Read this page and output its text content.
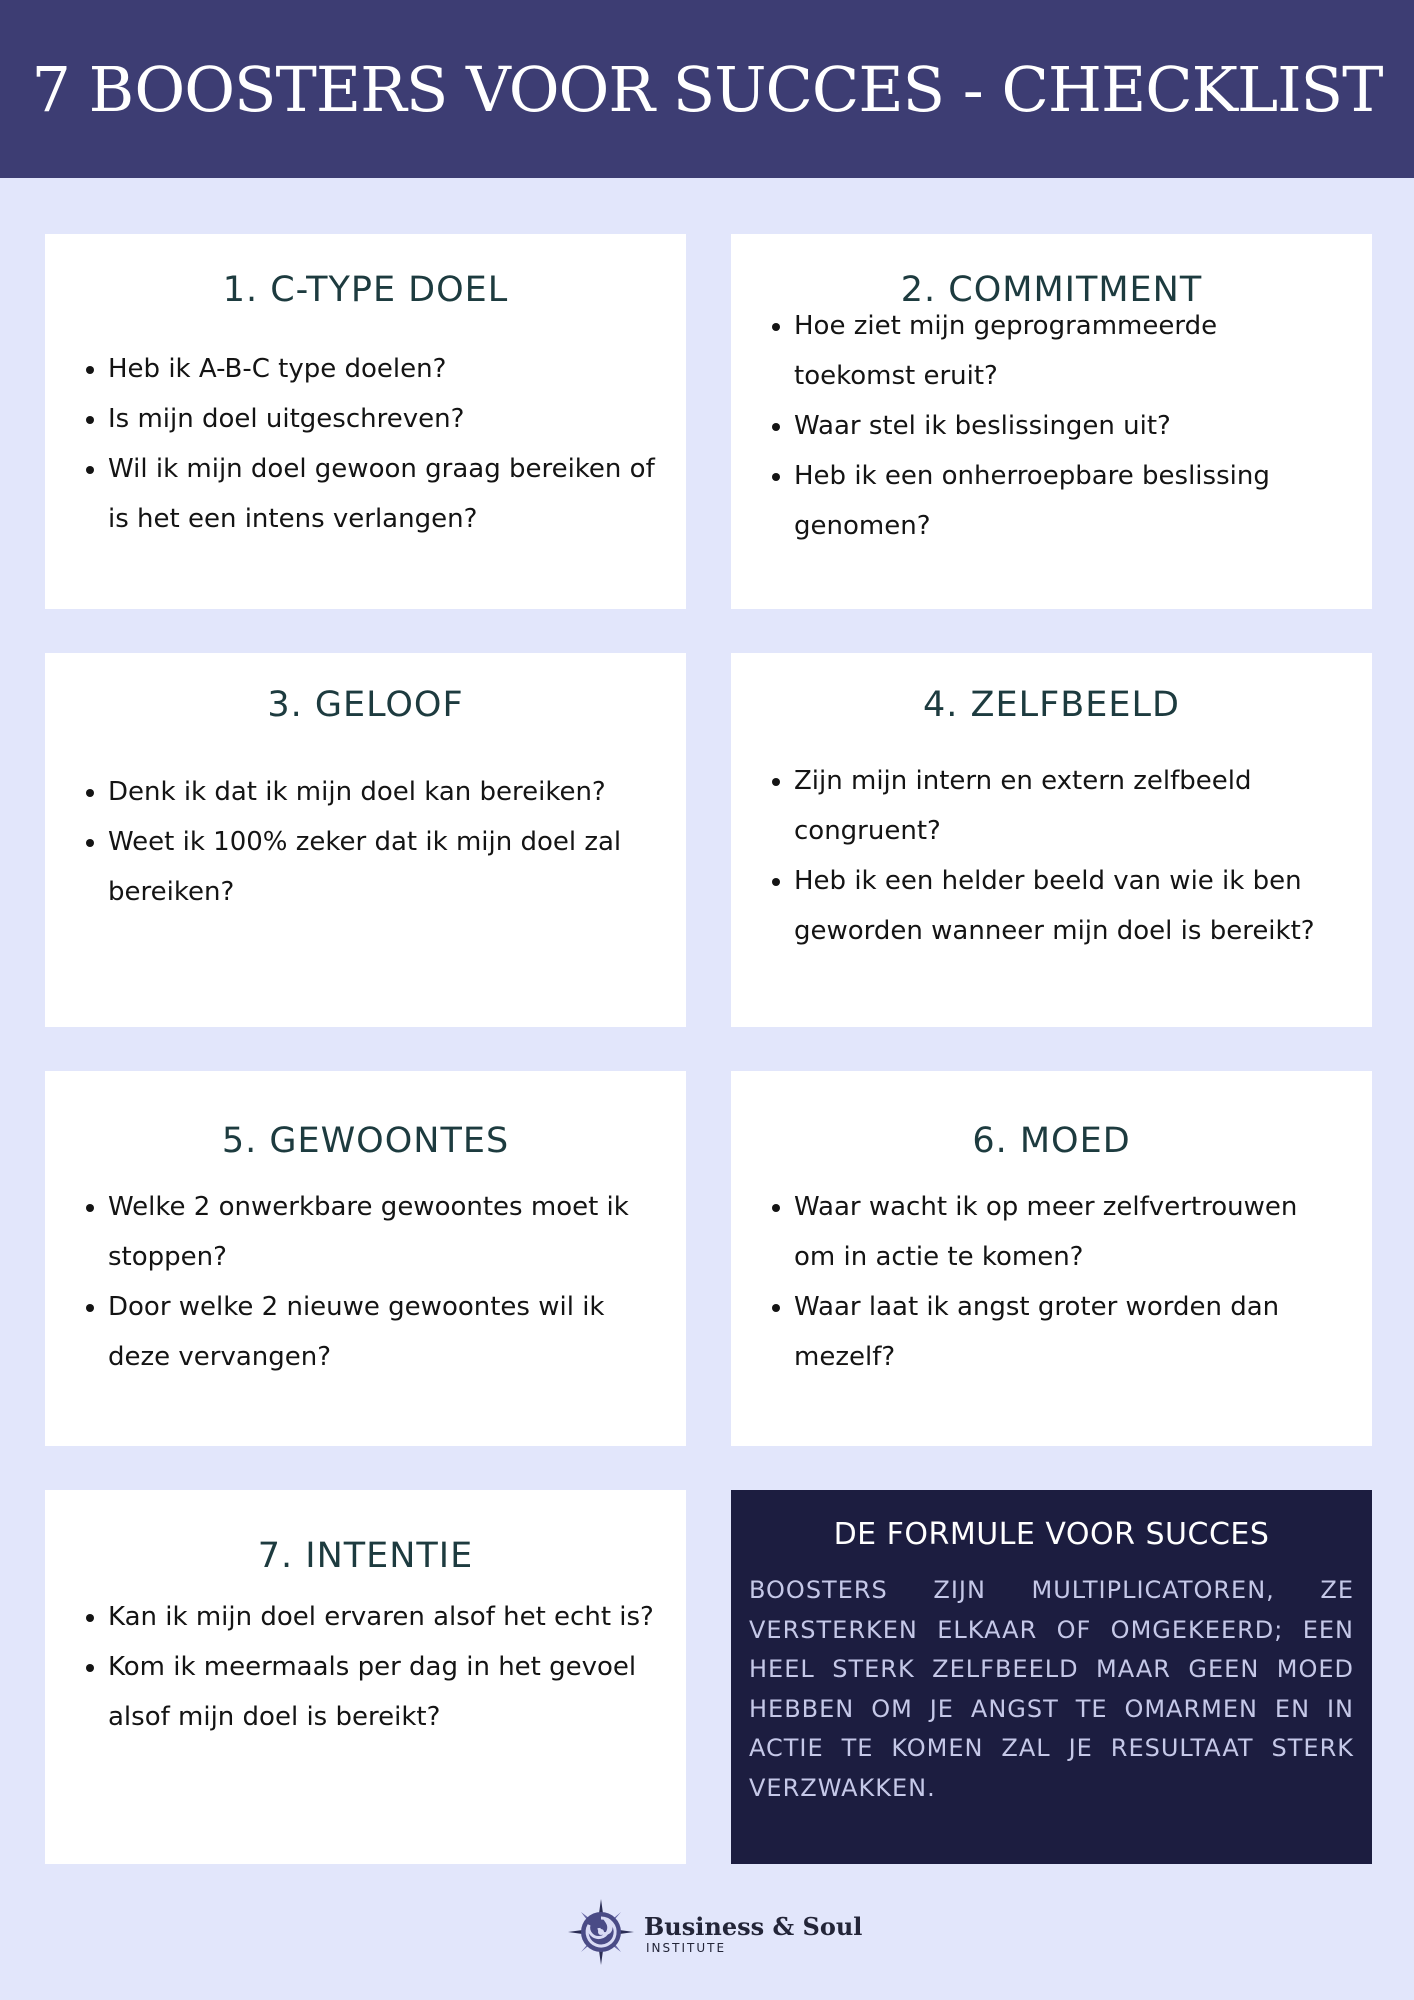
7 BOOSTERS VOOR SUCCES - CHECKLIST
1. C-TYPE DOEL
• Heb ik A-B-C type doelen?
• Is mijn doel uitgeschreven?
• Wil ik mijn doel gewoon graag bereiken of is het een intens verlangen?
2. COMMITMENT
• Hoe ziet mijn geprogrammeerde toekomst eruit?
• Waar stel ik beslissingen uit?
• Heb ik een onherroepbare beslissing genomen?
3. GELOOF
• Denk ik dat ik mijn doel kan bereiken?
• Weet ik 100% zeker dat ik mijn doel zal bereiken?
4. ZELFBEELD
• Zijn mijn intern en extern zelfbeeld congruent?
• Heb ik een helder beeld van wie ik ben geworden wanneer mijn doel is bereikt?
5. GEWOONTES
• Welke 2 onwerkbare gewoontes moet ik stoppen?
• Door welke 2 nieuwe gewoontes wil ik deze vervangen?
6. MOED
• Waar wacht ik op meer zelfvertrouwen om in actie te komen?
• Waar laat ik angst groter worden dan mezelf?
7. INTENTIE
• Kan ik mijn doel ervaren alsof het echt is?
• Kom ik meermaals per dag in het gevoel alsof mijn doel is bereikt?
DE FORMULE VOOR SUCCES

BOOSTERS ZIJN MULTIPLICATOREN, ZE VERSTERKEN ELKAAR OF OMGEKEERD; EEN HEEL STERK ZELFBEELD MAAR GEEN MOED HEBBEN OM JE ANGST TE OMARMEN EN IN ACTIE TE KOMEN ZAL JE RESULTAAT STERK VERZWAKKEN.

Business & Soul
INSTITUTE
